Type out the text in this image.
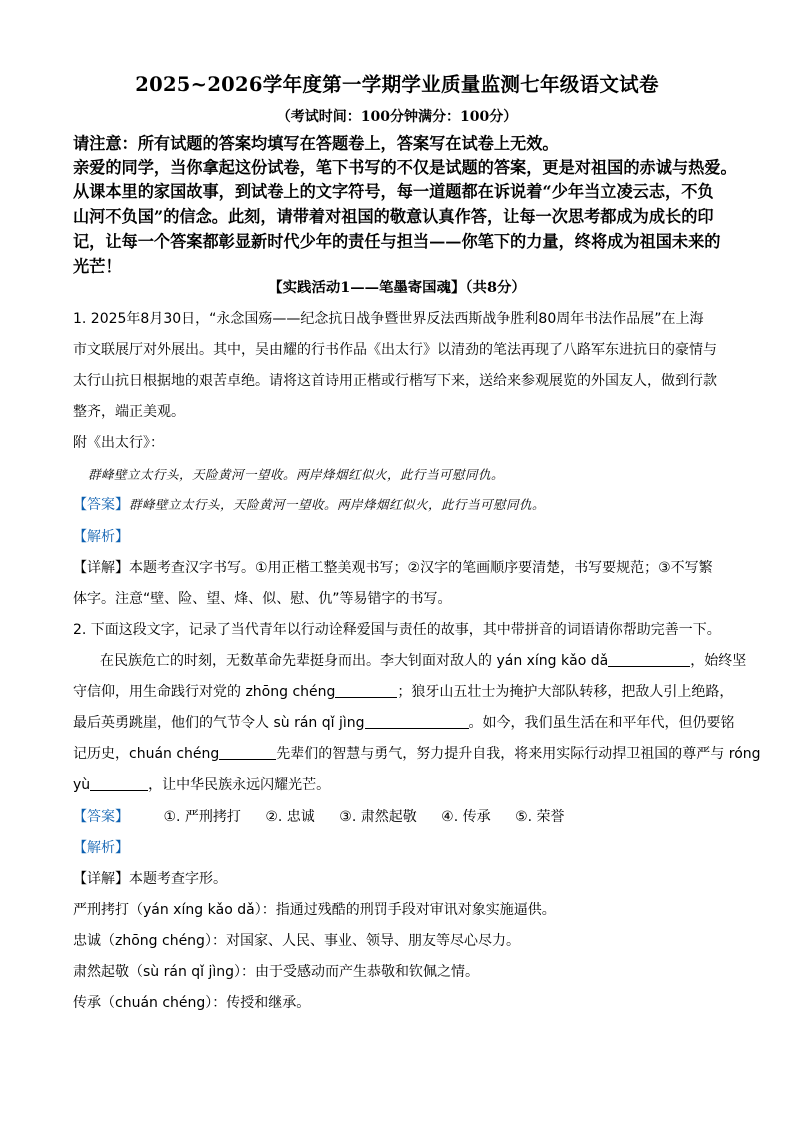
2025~2026学年度第一学期学业质量监测七年级语文试卷
（考试时间：100分钟满分：100分）
请注意：所有试题的答案均填写在答题卷上，答案写在试卷上无效。
亲爱的同学，当你拿起这份试卷，笔下书写的不仅是试题的答案，更是对祖国的赤诚与热爱。
从课本里的家国故事，到试卷上的文字符号，每一道题都在诉说着“少年当立凌云志，不负
山河不负国”的信念。此刻，请带着对祖国的敬意认真作答，让每一次思考都成为成长的印
记，让每一个答案都彰显新时代少年的责任与担当——你笔下的力量，终将成为祖国未来的
光芒！
【实践活动1——笔墨寄国魂】（共8分）
1. 2025年8月30日，“永念国殇——纪念抗日战争暨世界反法西斯战争胜利80周年书法作品展”在上海
市文联展厅对外展出。其中，吴由耀的行书作品《出太行》以清劲的笔法再现了八路军东进抗日的豪情与
太行山抗日根据地的艰苦卓绝。请将这首诗用正楷或行楷写下来，送给来参观展览的外国友人，做到行款
整齐，端正美观。
附《出太行》：
群峰壁立太行头，天险黄河一望收。两岸烽烟红似火，此行当可慰同仇。
【答案】群峰壁立太行头，天险黄河一望收。两岸烽烟红似火，此行当可慰同仇。
【解析】
【详解】本题考查汉字书写。①用正楷工整美观书写；②汉字的笔画顺序要清楚，书写要规范；③不写繁
体字。注意“壁、险、望、烽、似、慰、仇”等易错字的书写。
2. 下面这段文字，记录了当代青年以行动诠释爱国与责任的故事，其中带拼音的词语请你帮助完善一下。
在民族危亡的时刻，无数革命先辈挺身而出。李大钊面对敌人的 yán xíng kǎo dǎ	，始终坚
守信仰，用生命践行对党的 zhōng chéng	；狼牙山五壮士为掩护大部队转移，把敌人引上绝路，
最后英勇跳崖，他们的气节令人 sù rán qǐ jìng	。如今，我们虽生活在和平年代，但仍要铭
记历史，chuán chéng	先辈们的智慧与勇气，努力提升自我，将来用实际行动捍卫祖国的尊严与 róng
yù	，让中华民族永远闪耀光芒。
【答案】 ①. 严刑拷打 ②. 忠诚 ③. 肃然起敬 ④. 传承 ⑤. 荣誉
【解析】
【详解】本题考查字形。
严刑拷打（yán xíng kǎo dǎ）：指通过残酷的刑罚手段对审讯对象实施逼供。
忠诚（zhōng chéng）：对国家、人民、事业、领导、朋友等尽心尽力。
肃然起敬（sù rán qǐ jìng）：由于受感动而产生恭敬和钦佩之情。
传承（chuán chéng）：传授和继承。
